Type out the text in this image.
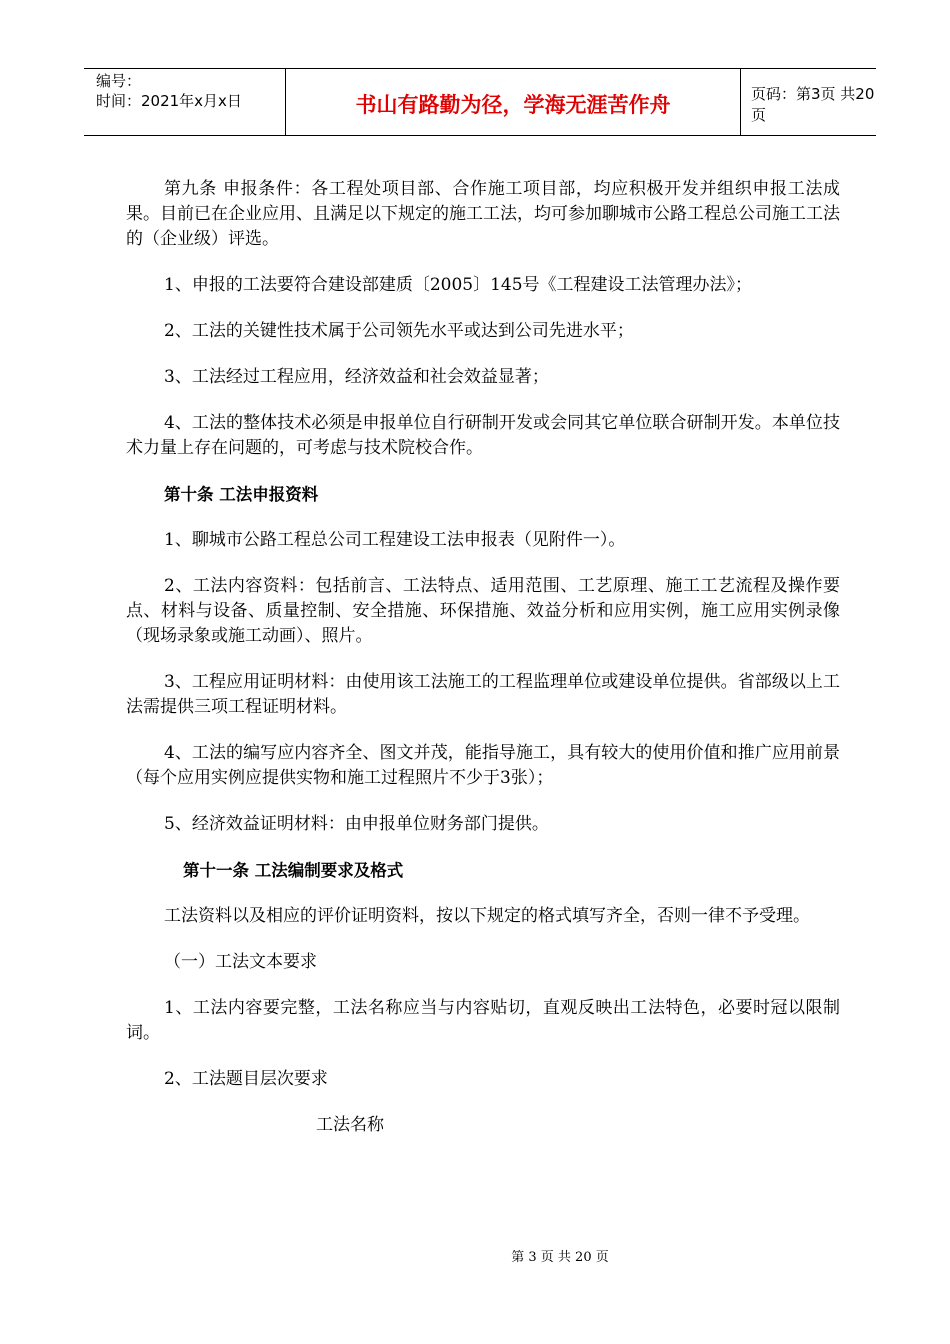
编号：
时间：2021年x月x日	书山有路勤为径，学海无涯苦作舟	页码：第3页 共20页

第九条 申报条件：各工程处项目部、合作施工项目部，均应积极开发并组织申报工法成果。目前已在企业应用、且满足以下规定的施工工法，均可参加聊城市公路工程总公司施工工法的（企业级）评选。

1、申报的工法要符合建设部建质〔2005〕145号《工程建设工法管理办法》；

2、工法的关键性技术属于公司领先水平或达到公司先进水平；

3、工法经过工程应用，经济效益和社会效益显著；

4、工法的整体技术必须是申报单位自行研制开发或会同其它单位联合研制开发。本单位技术力量上存在问题的，可考虑与技术院校合作。

第十条 工法申报资料

1、聊城市公路工程总公司工程建设工法申报表（见附件一）。

2、工法内容资料：包括前言、工法特点、适用范围、工艺原理、施工工艺流程及操作要点、材料与设备、质量控制、安全措施、环保措施、效益分析和应用实例，施工应用实例录像（现场录象或施工动画）、照片。

3、工程应用证明材料：由使用该工法施工的工程监理单位或建设单位提供。省部级以上工法需提供三项工程证明材料。

4、工法的编写应内容齐全、图文并茂，能指导施工，具有较大的使用价值和推广应用前景（每个应用实例应提供实物和施工过程照片不少于3张）；

5、经济效益证明材料：由申报单位财务部门提供。

第十一条 工法编制要求及格式

工法资料以及相应的评价证明资料，按以下规定的格式填写齐全，否则一律不予受理。

（一）工法文本要求

1、工法内容要完整，工法名称应当与内容贴切，直观反映出工法特色，必要时冠以限制词。

2、工法题目层次要求

工法名称

第 3 页 共 20 页
